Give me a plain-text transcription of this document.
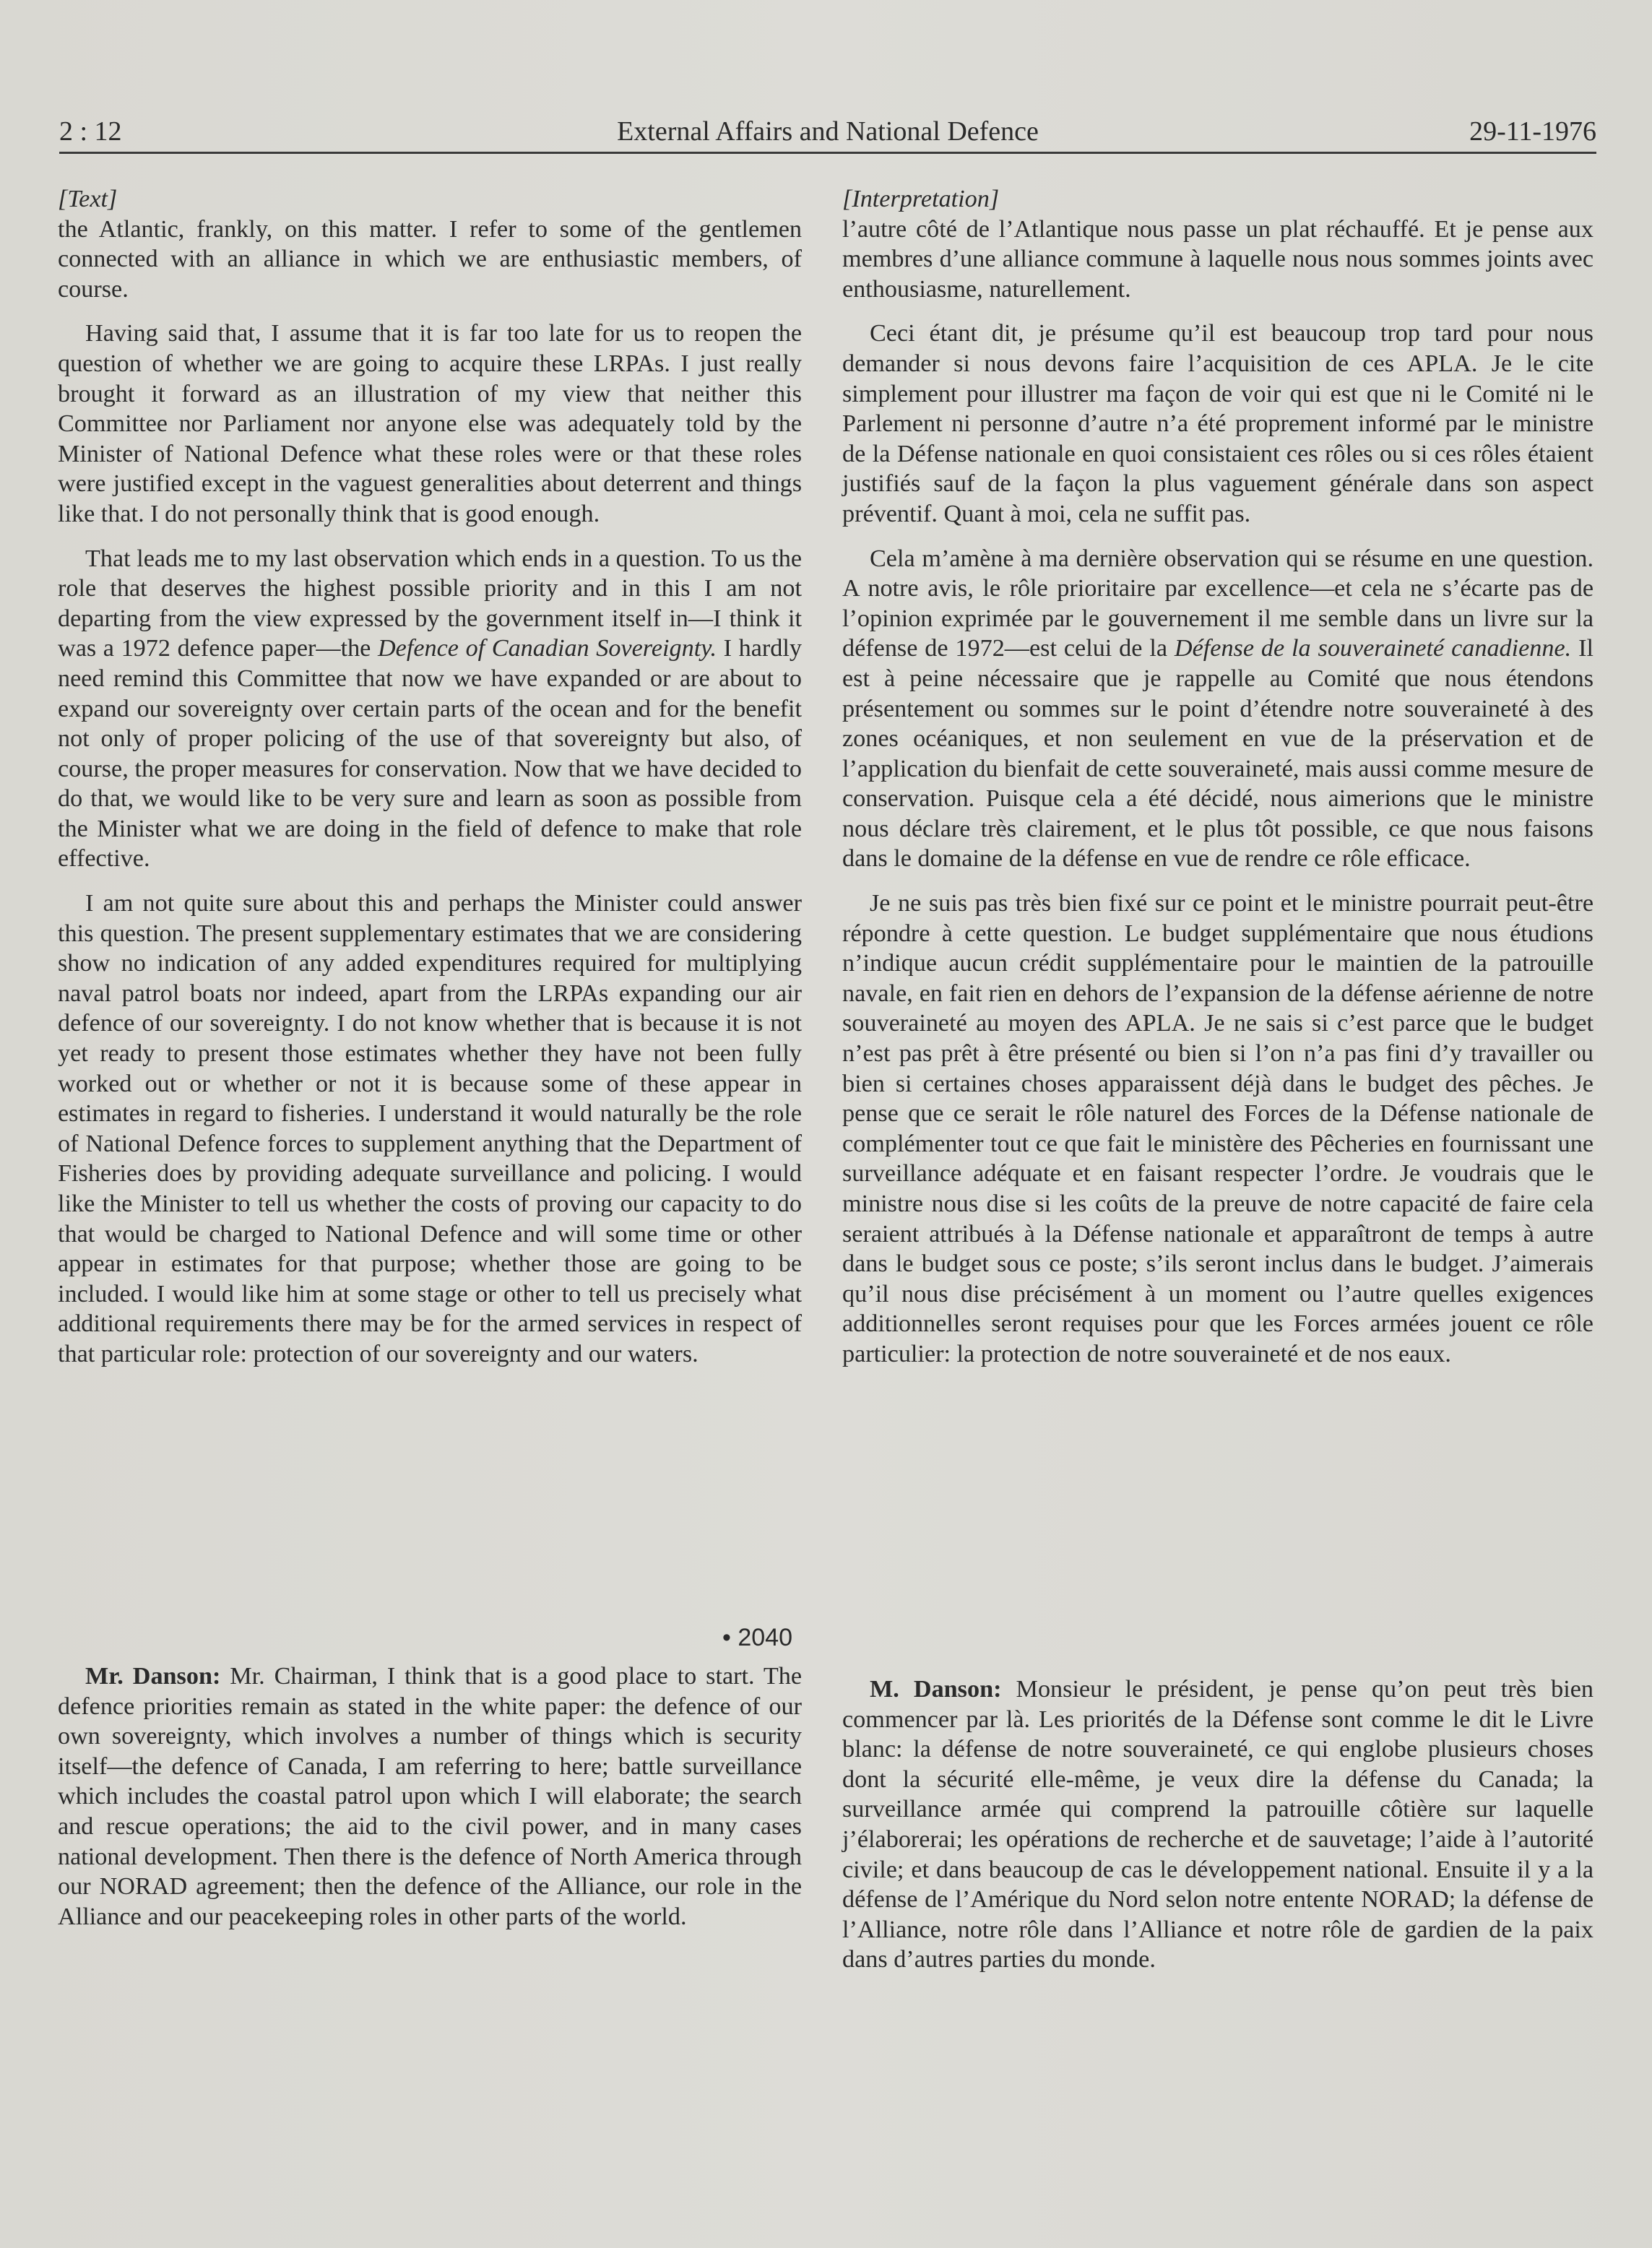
2 : 12	External Affairs and National Defence	29-11-1976
[Text]

the Atlantic, frankly, on this matter. I refer to some of the gentlemen connected with an alliance in which we are enthusiastic members, of course.

Having said that, I assume that it is far too late for us to reopen the question of whether we are going to acquire these LRPAs. I just really brought it forward as an illustration of my view that neither this Committee nor Parliament nor anyone else was adequately told by the Minister of National Defence what these roles were or that these roles were justified except in the vaguest generalities about deterrent and things like that. I do not personally think that is good enough.

That leads me to my last observation which ends in a question. To us the role that deserves the highest possible priority and in this I am not departing from the view expressed by the government itself in—I think it was a 1972 defence paper—the Defence of Canadian Sovereignty. I hardly need remind this Committee that now we have expanded or are about to expand our sovereignty over certain parts of the ocean and for the benefit not only of proper policing of the use of that sovereignty but also, of course, the proper measures for conservation. Now that we have decided to do that, we would like to be very sure and learn as soon as possible from the Minister what we are doing in the field of defence to make that role effective.

I am not quite sure about this and perhaps the Minister could answer this question. The present supplementary estimates that we are considering show no indication of any added expenditures required for multiplying naval patrol boats nor indeed, apart from the LRPAs expanding our air defence of our sovereignty. I do not know whether that is because it is not yet ready to present those estimates whether they have not been fully worked out or whether or not it is because some of these appear in estimates in regard to fisheries. I understand it would naturally be the role of National Defence forces to supplement anything that the Department of Fisheries does by providing adequate surveillance and policing. I would like the Minister to tell us whether the costs of proving our capacity to do that would be charged to National Defence and will some time or other appear in estimates for that purpose; whether those are going to be included. I would like him at some stage or other to tell us precisely what additional requirements there may be for the armed services in respect of that particular role: protection of our sovereignty and our waters.

• 2040

Mr. Danson: Mr. Chairman, I think that is a good place to start. The defence priorities remain as stated in the white paper: the defence of our own sovereignty, which involves a number of things which is security itself—the defence of Canada, I am referring to here; battle surveillance which includes the coastal patrol upon which I will elaborate; the search and rescue operations; the aid to the civil power, and in many cases national development. Then there is the defence of North America through our NORAD agreement; then the defence of the Alliance, our role in the Alliance and our peacekeeping roles in other parts of the world.

[Interpretation]

l’autre côté de l’Atlantique nous passe un plat réchauffé. Et je pense aux membres d’une alliance commune à laquelle nous nous sommes joints avec enthousiasme, naturellement.

Ceci étant dit, je présume qu’il est beaucoup trop tard pour nous demander si nous devons faire l’acquisition de ces APLA. Je le cite simplement pour illustrer ma façon de voir qui est que ni le Comité ni le Parlement ni personne d’autre n’a été proprement informé par le ministre de la Défense nationale en quoi consistaient ces rôles ou si ces rôles étaient justifiés sauf de la façon la plus vaguement générale dans son aspect préventif. Quant à moi, cela ne suffit pas.

Cela m’amène à ma dernière observation qui se résume en une question. A notre avis, le rôle prioritaire par excellence—et cela ne s’écarte pas de l’opinion exprimée par le gouvernement il me semble dans un livre sur la défense de 1972—est celui de la Défense de la souveraineté canadienne. Il est à peine nécessaire que je rappelle au Comité que nous étendons présentement ou sommes sur le point d’étendre notre souveraineté à des zones océaniques, et non seulement en vue de la préservation et de l’application du bienfait de cette souveraineté, mais aussi comme mesure de conservation. Puisque cela a été décidé, nous aimerions que le ministre nous déclare très clairement, et le plus tôt possible, ce que nous faisons dans le domaine de la défense en vue de rendre ce rôle efficace.

Je ne suis pas très bien fixé sur ce point et le ministre pourrait peut-être répondre à cette question. Le budget supplémentaire que nous étudions n’indique aucun crédit supplémentaire pour le maintien de la patrouille navale, en fait rien en dehors de l’expansion de la défense aérienne de notre souveraineté au moyen des APLA. Je ne sais si c’est parce que le budget n’est pas prêt à être présenté ou bien si l’on n’a pas fini d’y travailler ou bien si certaines choses apparaissent déjà dans le budget des pêches. Je pense que ce serait le rôle naturel des Forces de la Défense nationale de complémenter tout ce que fait le ministère des Pêcheries en fournissant une surveillance adéquate et en faisant respecter l’ordre. Je voudrais que le ministre nous dise si les coûts de la preuve de notre capacité de faire cela seraient attribués à la Défense nationale et apparaîtront de temps à autre dans le budget sous ce poste; s’ils seront inclus dans le budget. J’aimerais qu’il nous dise précisément à un moment ou l’autre quelles exigences additionnelles seront requises pour que les Forces armées jouent ce rôle particulier: la protection de notre souveraineté et de nos eaux.

M. Danson: Monsieur le président, je pense qu’on peut très bien commencer par là. Les priorités de la Défense sont comme le dit le Livre blanc: la défense de notre souveraineté, ce qui englobe plusieurs choses dont la sécurité elle-même, je veux dire la défense du Canada; la surveillance armée qui comprend la patrouille côtière sur laquelle j’élaborerai; les opérations de recherche et de sauvetage; l’aide à l’autorité civile; et dans beaucoup de cas le développement national. Ensuite il y a la défense de l’Amérique du Nord selon notre entente NORAD; la défense de l’Alliance, notre rôle dans l’Alliance et notre rôle de gardien de la paix dans d’autres parties du monde.
